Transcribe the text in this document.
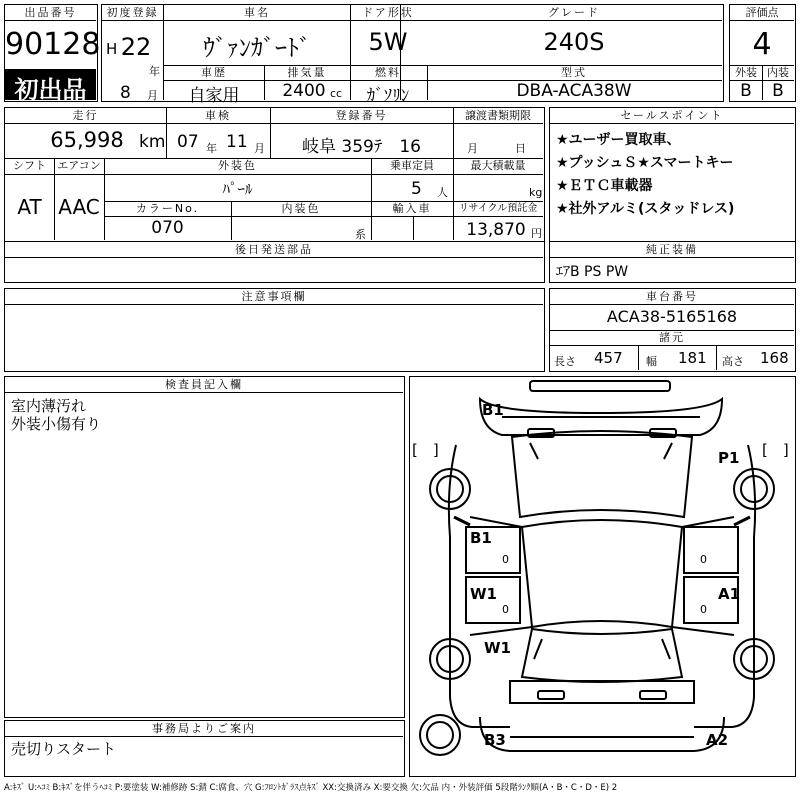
出品番号
90128
初出品
初度登録
H 22
年
8 月
車名
ｳﾞｧﾝｶﾞｰﾄﾞ
ドア形状
5W
グレード
240S
車歴	排気量	燃料	型式
自家用	2400 cc	ｶﾞｿﾘﾝ	DBA-ACA38W
評価点
4
外装 内装
B	B
走行
65,998 km
車検
07 年 11 月
登録番号
岐阜 359ﾃ　16
譲渡書類期限
月	日
シフト	エアコン
AT AAC
外装色
ﾊﾟｰﾙ
乗車定員
5 人
最大積載量
kg
カラーNo.
070
内装色
系
輸入車	リサイクル預託金
13,870 円
セールスポイント
★ユーザー買取車、
★プッシュＳ★スマートキー
★ＥＴＣ車載器
★社外アルミ(スタッドレス)
後日発送部品	純正装備
ｴｱB PS PW
注意事項欄	車台番号
ACA38-5165168
諸元
長さ 457 幅 181 高さ 168
検査員記入欄
室内薄汚れ
外装小傷有り
事務局よりご案内
売切りスタート
[　]	[　]
B1
P1
B1
W1	A1
W1
B3	A2
0	0
0	0
A:ｷｽﾞ U:ﾍｺﾐ B:ｷｽﾞを伴うﾍｺﾐ P:要塗装 W:補修跡 S:錆 C:腐食、穴 G:ﾌﾛﾝﾄｶﾞﾗｽ点ｷｽﾞ XX:交換済み X:要交換 欠:欠品 内・外装評価 5段階ﾗﾝｸ順(A・B・C・D・E) 2
